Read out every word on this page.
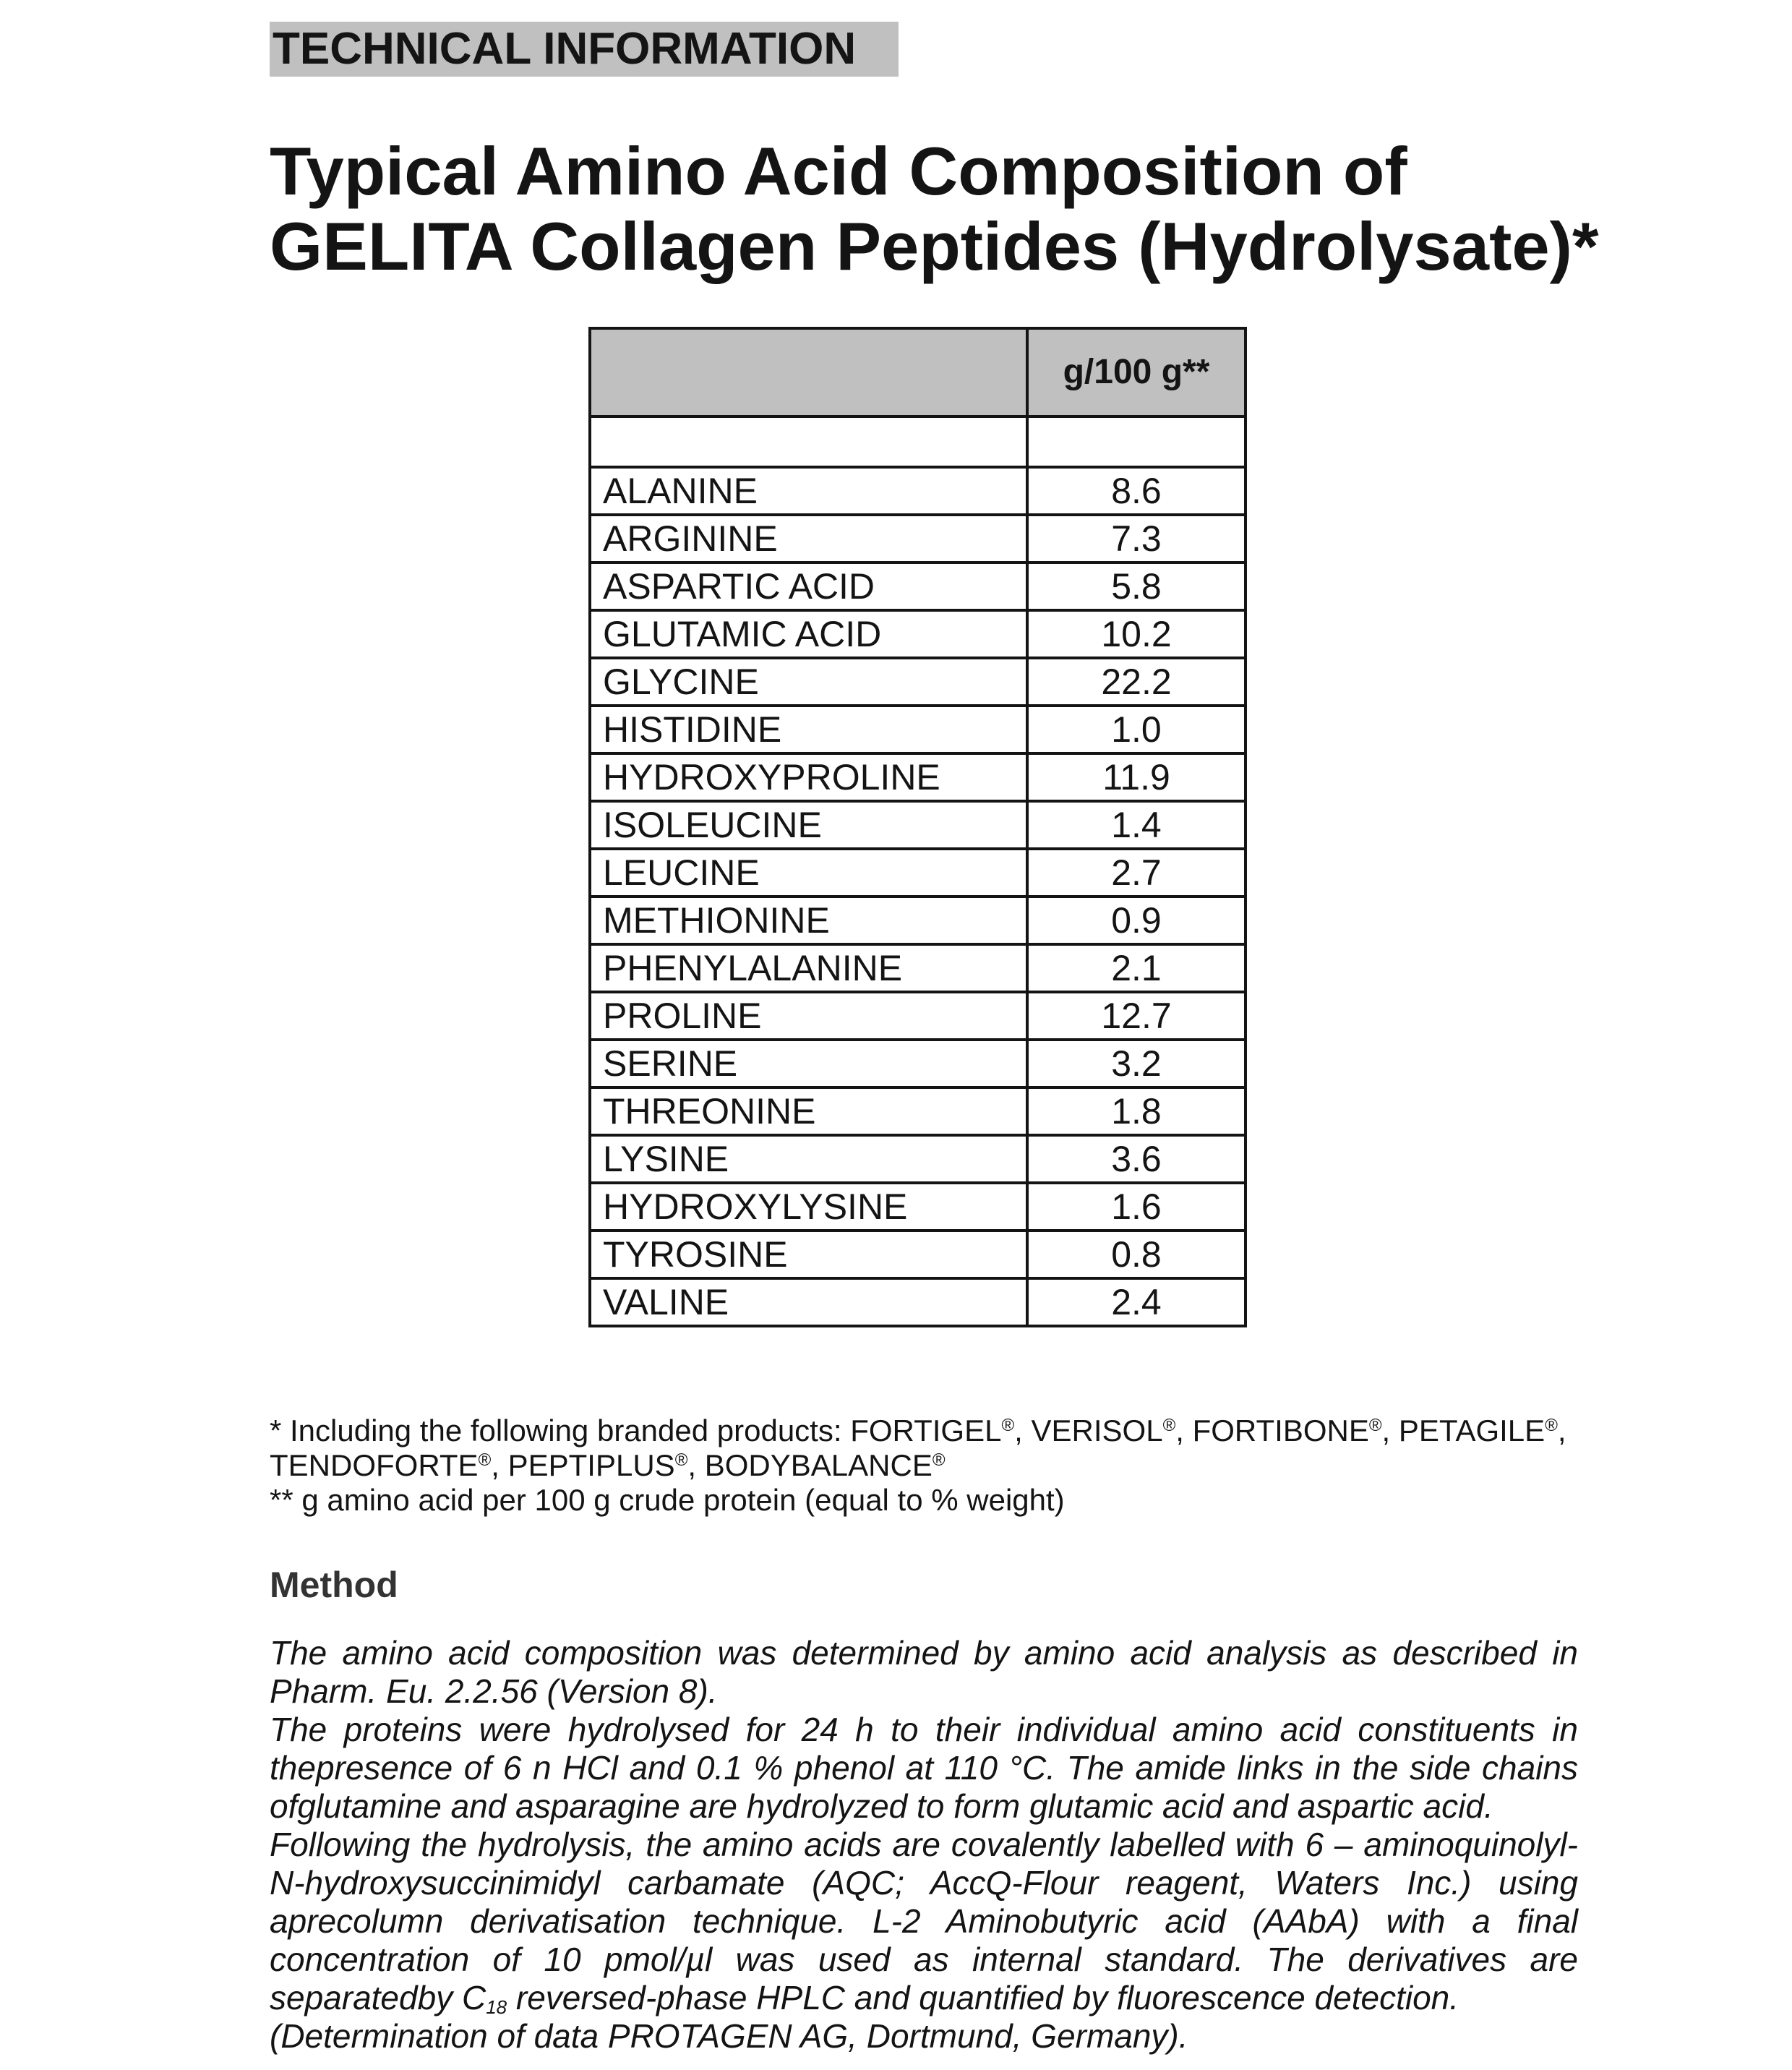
TECHNICAL INFORMATION
Typical Amino Acid Composition of
GELITA Collagen Peptides (Hydrolysate)*
	g/100 g**

ALANINE	8.6
ARGININE	7.3
ASPARTIC ACID	5.8
GLUTAMIC ACID	10.2
GLYCINE	22.2
HISTIDINE	1.0
HYDROXYPROLINE	11.9
ISOLEUCINE	1.4
LEUCINE	2.7
METHIONINE	0.9
PHENYLALANINE	2.1
PROLINE	12.7
SERINE	3.2
THREONINE	1.8
LYSINE	3.6
HYDROXYLYSINE	1.6
TYROSINE	0.8
VALINE	2.4
* Including the following branded products: FORTIGEL®, VERISOL®, FORTIBONE®, PETAGILE®,
TENDOFORTE®, PEPTIPLUS®, BODYBALANCE®
** g amino acid per 100 g crude protein (equal to % weight)
Method

The amino acid composition was determined by amino acid analysis as described in Pharm. Eu. 2.2.56 (Version 8).

The proteins were hydrolysed for 24 h to their individual amino acid constituents in thepresence of 6 n HCl and 0.1 % phenol at 110 °C. The amide links in the side chains ofglutamine and asparagine are hydrolyzed to form glutamic acid and aspartic acid.

Following the hydrolysis, the amino acids are covalently labelled with 6 – aminoquinolyl-N-hydroxysuccinimidyl carbamate (AQC; AccQ-Flour reagent, Waters Inc.) using aprecolumn derivatisation technique. L-2 Aminobutyric acid (AAbA) with a final concentration of 10 pmol/µl was used as internal standard. The derivatives are separatedby $C_{18}$ reversed-phase HPLC and quantified by fluorescence detection.

(Determination of data PROTAGEN AG, Dortmund, Germany).
